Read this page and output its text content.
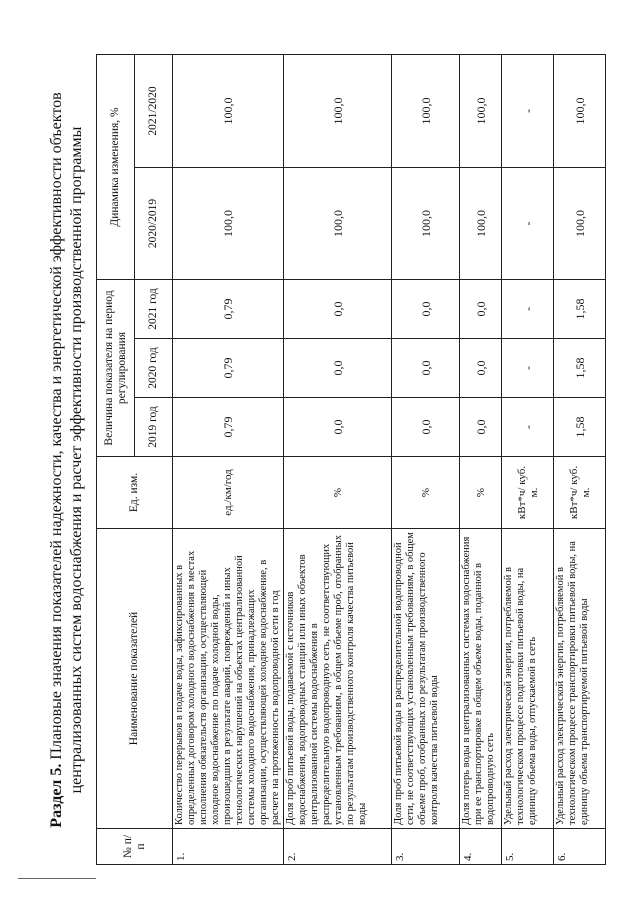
Раздел 5. Плановые значения показателей надежности, качества и энергетической эффективности объектов централизованных систем водоснабжения и расчет эффективности производственной программы
№ п/п	Наименование показателей	Ед. изм.	Величина показателя на период регулирования			Динамика изменения, %	
			2019 год	2020 год	2021 год	2020/2019	2021/2020
1.	Количество перерывов в подаче воды, зафиксированных в определенных договором холодного водоснабжения в местах исполнения обязательств организации, осуществляющей холодное водоснабжение по подаче холодной воды, произошедших в результате аварий, повреждений и иных технологических нарушений на объектах централизованной системы холодного водоснабжения, принадлежащих организации, осуществляющей холодное водоснабжение, в расчете на протяженность водопроводной сети в год	ед./км/год	0,79	0,79	0,79	100,0	100,0
2.	Доля проб питьевой воды, подаваемой с источников водоснабжения, водопроводных станций или иных объектов централизованной системы водоснабжения в распределительную водопроводную сеть, не соответствующих установленным требованиям, в общем объеме проб, отобранных по результатам производственного контроля качества питьевой воды	%	0,0	0,0	0,0	100,0	100,0
3.	Доля проб питьевой воды в распределительной водопроводной сети, не соответствующих установленным требованиям, в общем объеме проб, отобранных по результатам производственного контроля качества питьевой воды	%	0,0	0,0	0,0	100,0	100,0
4.	Доля потерь воды в централизованных системах водоснабжения при ее транспортировке в общем объеме воды, поданной в водопроводную сеть	%	0,0	0,0	0,0	100,0	100,0
5.	Удельный расход электрической энергии, потребляемой в технологическом процессе подготовки питьевой воды, на единицу объема воды, отпускаемой в сеть	кВт*ч/ куб. м.	-	-	-	-	-
6.	Удельный расход электрической энергии, потребляемой в технологическом процессе транспортировки питьевой воды, на единицу объема транспортируемой питьевой воды	кВт*ч/ куб. м.	1,58	1,58	1,58	100,0	100,0
